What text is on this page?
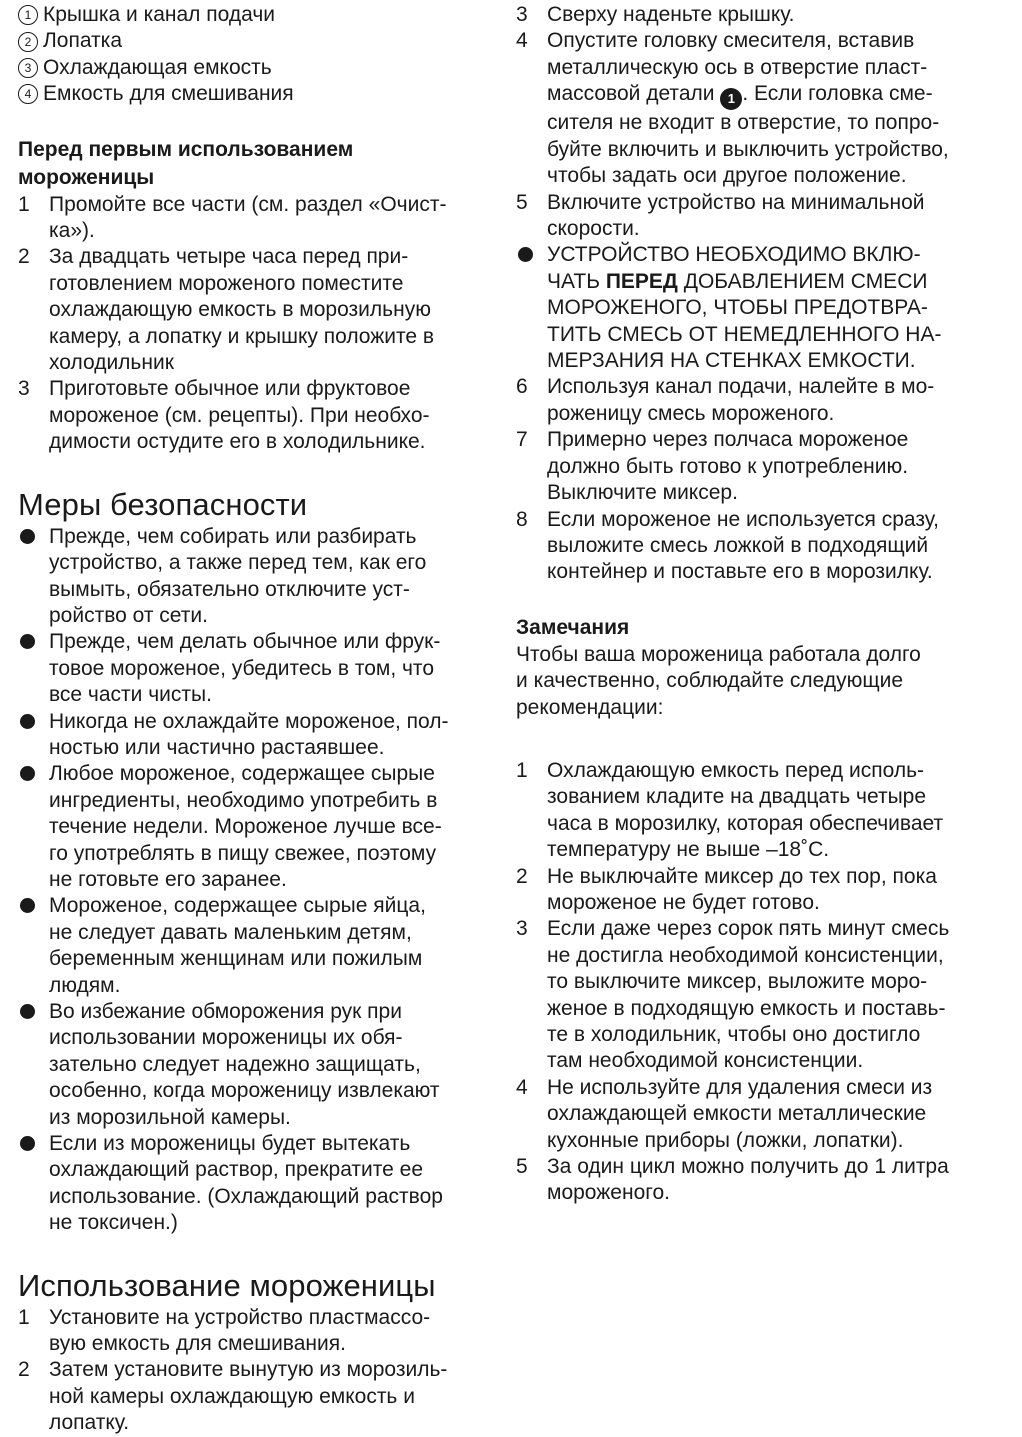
1 Крышка и канал подачи
2 Лопатка
3 Охлаждающая емкость
4 Емкость для смешивания

Перед первым использованием
мороженицы

1 Промойте все части (см. раздел «Очист-
ка»).
2 За двадцать четыре часа перед при-
готовлением мороженого поместите
охлаждающую емкость в морозильную
камеру, а лопатку и крышку положите в
холодильник
3 Приготовьте обычное или фруктовое
мороженое (см. рецепты). При необхо-
димости остудите его в холодильнике.

Меры безопасности

Прежде, чем собирать или разбирать
устройство, а также перед тем, как его
вымыть, обязательно отключите уст-
ройство от сети.
Прежде, чем делать обычное или фрук-
товое мороженое, убедитесь в том, что
все части чисты.
Никогда не охлаждайте мороженое, пол-
ностью или частично растаявшее.
Любое мороженое, содержащее сырые
ингредиенты, необходимо употребить в
течение недели. Мороженое лучше все-
го употреблять в пищу свежее, поэтому
не готовьте его заранее.
Мороженое, содержащее сырые яйца,
не следует давать маленьким детям,
беременным женщинам или пожилым
людям.
Во избежание обморожения рук при
использовании мороженицы их обя-
зательно следует надежно защищать,
особенно, когда мороженицу извлекают
из морозильной камеры.
Если из мороженицы будет вытекать
охлаждающий раствор, прекратите ее
использование. (Охлаждающий раствор
не токсичен.)

Использование мороженицы

1 Установите на устройство пластмассо-
вую емкость для смешивания.
2 Затем установите вынутую из морозиль-
ной камеры охлаждающую емкость и
лопатку.
3 Сверху наденьте крышку.
4 Опустите головку смесителя, вставив
металлическую ось в отверстие пласт-
массовой детали 1 . Если головка сме-
сителя не входит в отверстие, то попро-
буйте включить и выключить устройство,
чтобы задать оси другое положение.
5 Включите устройство на минимальной
скорости.
УСТРОЙСТВО НЕОБХОДИМО ВКЛЮ-
ЧАТЬ ПЕРЕД ДОБАВЛЕНИЕМ СМЕСИ
МОРОЖЕНОГО, ЧТОБЫ ПРЕДОТВРА-
ТИТЬ СМЕСЬ ОТ НЕМЕДЛЕННОГО НА-
МЕРЗАНИЯ НА СТЕНКАХ ЕМКОСТИ.
6 Используя канал подачи, налейте в мо-
роженицу смесь мороженого.
7 Примерно через полчаса мороженое
должно быть готово к употреблению.
Выключите миксер.
8 Если мороженое не используется сразу,
выложите смесь ложкой в подходящий
контейнер и поставьте его в морозилку.

Замечания

Чтобы ваша мороженица работала долго
и качественно, соблюдайте следующие
рекомендации:

1 Охлаждающую емкость перед исполь-
зованием кладите на двадцать четыре
часа в морозилку, которая обеспечивает
температуру не выше –18˚С.
2 Не выключайте миксер до тех пор, пока
мороженое не будет готово.
3 Если даже через сорок пять минут смесь
не достигла необходимой консистенции,
то выключите миксер, выложите моро-
женое в подходящую емкость и поставь-
те в холодильник, чтобы оно достигло
там необходимой консистенции.
4 Не используйте для удаления смеси из
охлаждающей емкости металлические
кухонные приборы (ложки, лопатки).
5 За один цикл можно получить до 1 литра
мороженого.
